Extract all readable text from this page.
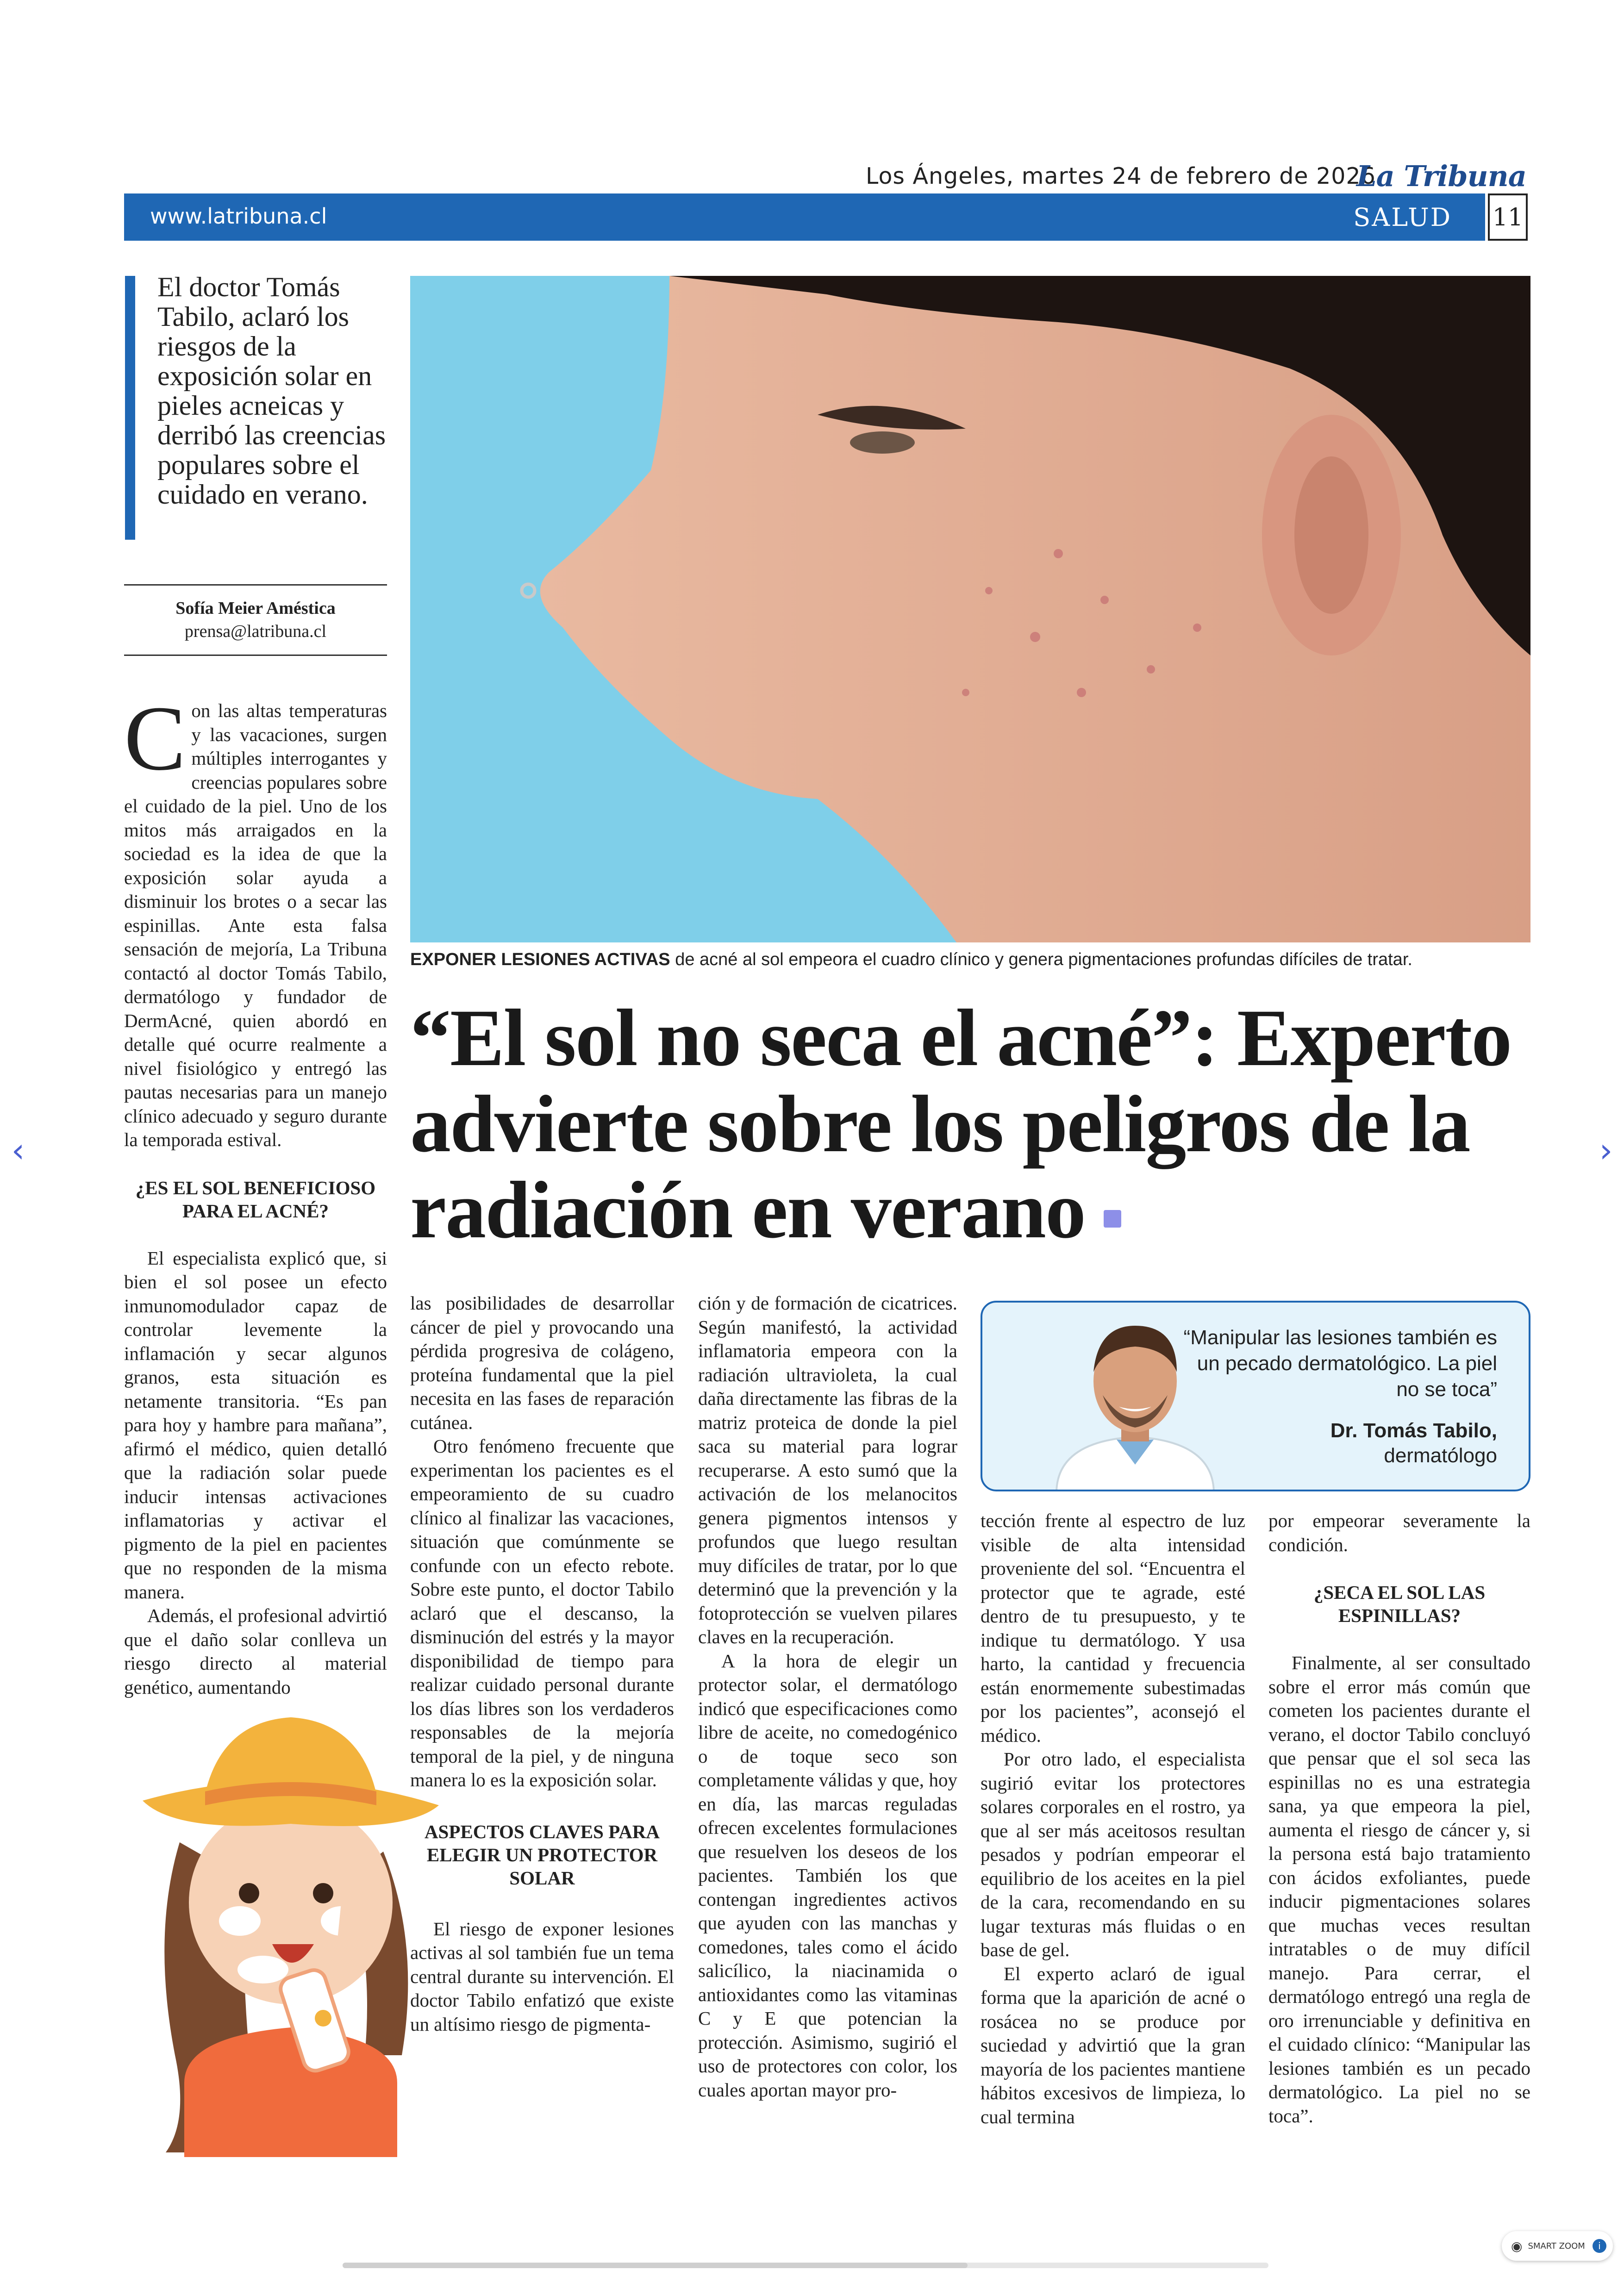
‹	›
Los Ángeles, martes 24 de febrero de 2026
La Tribuna
www.latribuna.cl	SALUD 11
El doctor Tomás Tabilo, aclaró los riesgos de la exposición solar en pieles acneicas y derribó las creencias populares sobre el cuidado en verano.
Sofía Meier Améstica
prensa@latribuna.cl

Con las altas temperaturas y las vacaciones, surgen múltiples interrogantes y creencias populares sobre el cuidado de la piel. Uno de los mitos más arraigados en la sociedad es la idea de que la exposición solar ayuda a disminuir los brotes o a secar las espinillas. Ante esta falsa sensación de mejoría, La Tribuna contactó al doctor Tomás Tabilo, dermatólogo y fundador de DermAcné, quien abordó en detalle qué ocurre realmente a nivel fisiológico y entregó las pautas necesarias para un manejo clínico adecuado y seguro durante la temporada estival.

¿ES EL SOL BENEFICIOSO PARA EL ACNÉ?

El especialista explicó que, si bien el sol posee un efecto inmunomodulador capaz de controlar levemente la inflamación y secar algunos granos, esta situación es netamente transitoria. “Es pan para hoy y hambre para mañana”, afirmó el médico, quien detalló que la radiación solar puede inducir intensas activaciones inflamatorias y activar el pigmento de la piel en pacientes que no responden de la misma manera.

Además, el profesional advirtió que el daño solar conlleva un riesgo directo al material genético, aumentando

las posibilidades de desarrollar cáncer de piel y provocando una pérdida progresiva de colágeno, proteína fundamental que la piel necesita en las fases de reparación cutánea.

Otro fenómeno frecuente que experimentan los pacientes es el empeoramiento de su cuadro clínico al finalizar las vacaciones, situación que comúnmente se confunde con un efecto rebote. Sobre este punto, el doctor Tabilo aclaró que el descanso, la disminución del estrés y la mayor disponibilidad de tiempo para realizar cuidado personal durante los días libres son los verdaderos responsables de la mejoría temporal de la piel, y de ninguna manera lo es la exposición solar.

ASPECTOS CLAVES PARA ELEGIR UN PROTECTOR SOLAR

El riesgo de exponer lesiones activas al sol también fue un tema central durante su intervención. El doctor Tabilo enfatizó que existe un altísimo riesgo de pigmenta-

ción y de formación de cicatrices. Según manifestó, la actividad inflamatoria empeora con la radiación ultravioleta, la cual daña directamente las fibras de la matriz proteica de donde la piel saca su material para lograr recuperarse. A esto sumó que la activación de los melanocitos genera pigmentos intensos y profundos que luego resultan muy difíciles de tratar, por lo que determinó que la prevención y la fotoprotección se vuelven pilares claves en la recuperación.

A la hora de elegir un protector solar, el dermatólogo indicó que especificaciones como libre de aceite, no comedogénico o de toque seco son completamente válidas y que, hoy en día, las marcas reguladas ofrecen excelentes formulaciones que resuelven los deseos de los pacientes. También los que contengan ingredientes activos que ayuden con las manchas y comedones, tales como el ácido salicílico, la niacinamida o antioxidantes como las vitaminas C y E que potencian la protección. Asimismo, sugirió el uso de protectores con color, los cuales aportan mayor pro-

tección frente al espectro de luz visible de alta intensidad proveniente del sol. “Encuentra el protector que te agrade, esté dentro de tu presupuesto, y te indique tu dermatólogo. Y usa harto, la cantidad y frecuencia están enormemente subestimadas por los pacientes”, aconsejó el médico.

Por otro lado, el especialista sugirió evitar los protectores solares corporales en el rostro, ya que al ser más aceitosos resultan pesados y podrían empeorar el equilibrio de los aceites en la piel de la cara, recomendando en su lugar texturas más fluidas o en base de gel.

El experto aclaró de igual forma que la aparición de acné o rosácea no se produce por suciedad y advirtió que la gran mayoría de los pacientes mantiene hábitos excesivos de limpieza, lo cual termina

por empeorar severamente la condición.

¿SECA EL SOL LAS ESPINILLAS?

Finalmente, al ser consultado sobre el error más común que cometen los pacientes durante el verano, el doctor Tabilo concluyó que pensar que el sol seca las espinillas no es una estrategia sana, ya que empeora la piel, aumenta el riesgo de cáncer y, si la persona está bajo tratamiento con ácidos exfoliantes, puede inducir pigmentaciones solares que muchas veces resultan intratables o de muy difícil manejo. Para cerrar, el dermatólogo entregó una regla de oro irrenunciable y definitiva en el cuidado clínico: “Manipular las lesiones también es un pecado dermatológico. La piel no se toca”.

EXPONER LESIONES ACTIVAS de acné al sol empeora el cuadro clínico y genera pigmentaciones profundas difíciles de tratar.
“El sol no seca el acné”: Experto advierte sobre los peligros de la radiación en verano
“Manipular las lesiones también es un pecado dermatológico. La piel no se toca”
Dr. Tomás Tabilo,
dermatólogo
◉ SMART ZOOM	i
